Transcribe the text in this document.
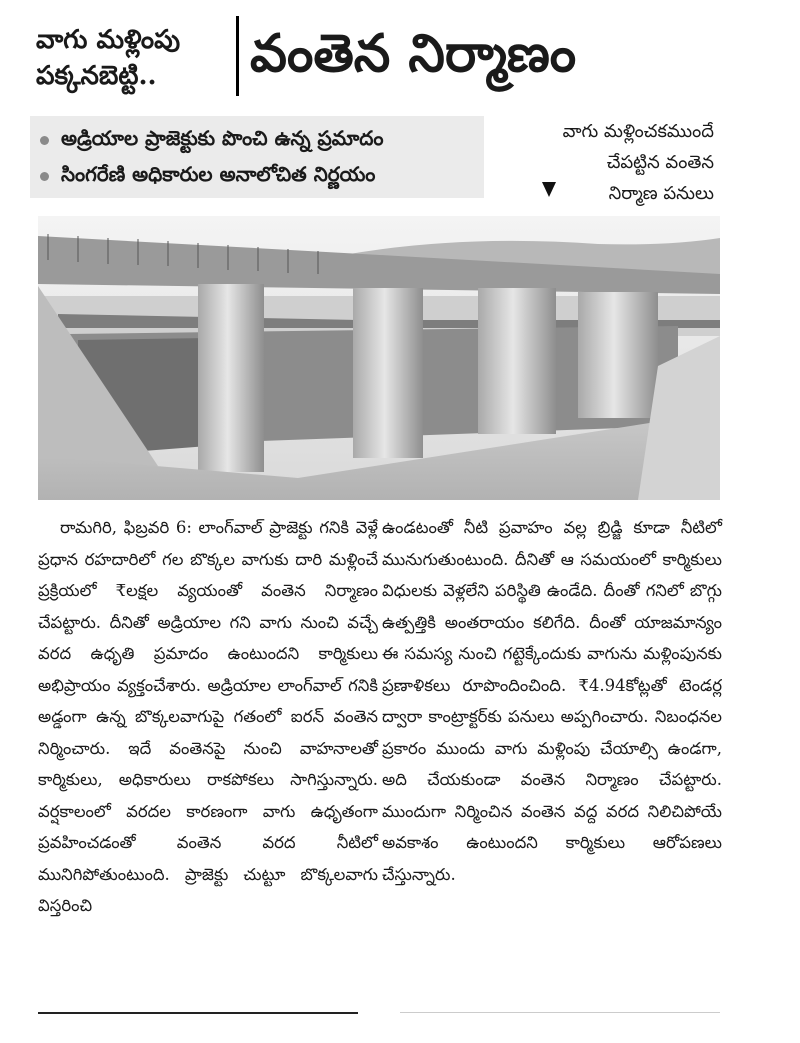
వాగు మళ్లింపు
పక్కనబెట్టి..	వంతెన నిర్మాణం
అడ్రియాల ప్రాజెక్టుకు పొంచి ఉన్న ప్రమాదం
సింగరేణి అధికారుల అనాలోచిత నిర్ణయం
వాగు మళ్లించకముందే
చేపట్టిన వంతెన
నిర్మాణ పనులు
రామగిరి, ఫిబ్రవరి 6: లాంగ్‌వాల్ ప్రాజెక్టు గనికి వెళ్లే ప్రధాన రహదారిలో గల బొక్కల వాగుకు దారి మళ్లించే ప్రక్రియలో ₹లక్షల వ్యయంతో వంతెన నిర్మాణం చేపట్టారు. దీనితో అడ్రియాల గని వాగు నుంచి వచ్చే వరద ఉధృతి ప్రమాదం ఉంటుందని కార్మికులు అభిప్రాయం వ్యక్తంచేశారు. అడ్రియాల లాంగ్‌వాల్ గనికి అడ్డంగా ఉన్న బొక్కలవాగుపై గతంలో ఐరన్ వంతెన నిర్మించారు. ఇదే వంతెనపై నుంచి వాహనాలతో కార్మికులు, అధికారులు రాకపోకలు సాగిస్తున్నారు. వర్షకాలంలో వరదల కారణంగా వాగు ఉధృతంగా ప్రవహించడంతో వంతెన వరద నీటిలో మునిగిపోతుంటుంది. ప్రాజెక్టు చుట్టూ బొక్కలవాగు విస్తరించి
ఉండటంతో నీటి ప్రవాహం వల్ల బ్రిడ్జి కూడా నీటిలో మునుగుతుంటుంది. దీనితో ఆ సమయంలో కార్మికులు విధులకు వెళ్లలేని పరిస్థితి ఉండేది. దీంతో గనిలో బొగ్గు ఉత్పత్తికి అంతరాయం కలిగేది. దీంతో యాజమాన్యం ఈ సమస్య నుంచి గట్టెక్కేందుకు వాగును మళ్లింపునకు ప్రణాళికలు రూపొందించింది. ₹4.94కోట్లతో టెండర్ల ద్వారా కాంట్రాక్టర్‌కు పనులు అప్పగించారు. నిబంధనల ప్రకారం ముందు వాగు మళ్లింపు చేయాల్సి ఉండగా, అది చేయకుండా వంతెన నిర్మాణం చేపట్టారు. ముందుగా నిర్మించిన వంతెన వద్ద వరద నిలిచిపోయే అవకాశం ఉంటుందని కార్మికులు ఆరోపణలు చేస్తున్నారు.
